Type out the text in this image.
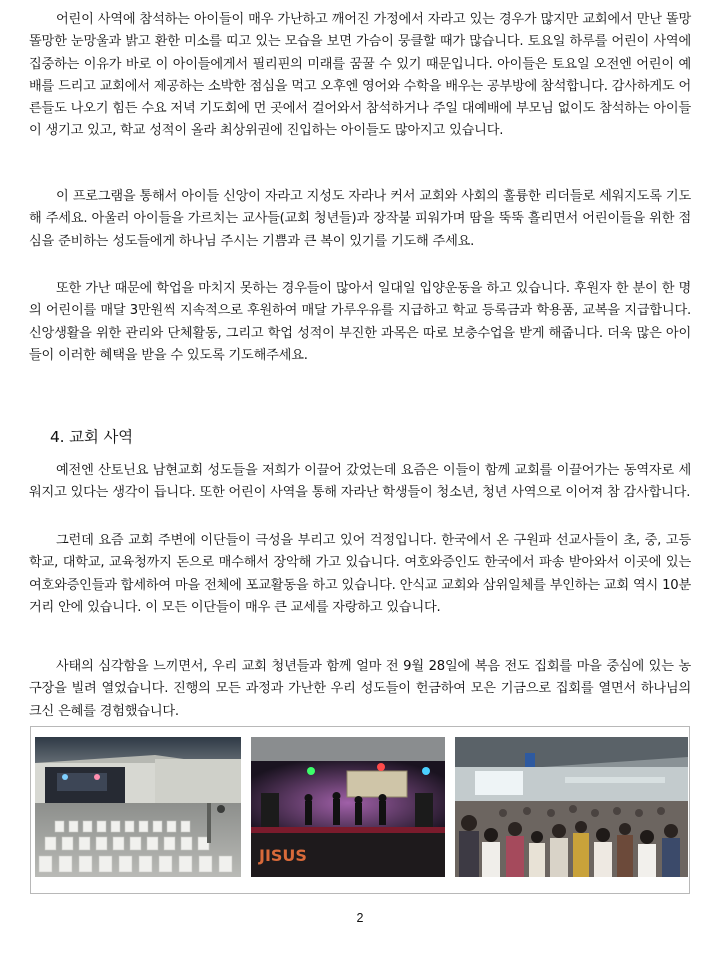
어린이 사역에 참석하는 아이들이 매우 가난하고 깨어진 가정에서 자라고 있는 경우가 많지만 교회에서 만난 똘망똘망한 눈망울과 밝고 환한 미소를 띠고 있는 모습을 보면 가슴이 뭉클할 때가 많습니다. 토요일 하루를 어린이 사역에 집중하는 이유가 바로 이 아이들에게서 필리핀의 미래를 꿈꿀 수 있기 때문입니다. 아이들은 토요일 오전엔 어린이 예배를 드리고 교회에서 제공하는 소박한 점심을 먹고 오후엔 영어와 수학을 배우는 공부방에 참석합니다. 감사하게도 어른들도 나오기 힘든 수요 저녁 기도회에 먼 곳에서 걸어와서 참석하거나 주일 대예배에 부모님 없이도 참석하는 아이들이 생기고 있고, 학교 성적이 올라 최상위권에 진입하는 아이들도 많아지고 있습니다.

이 프로그램을 통해서 아이들 신앙이 자라고 지성도 자라나 커서 교회와 사회의 훌륭한 리더들로 세워지도록 기도해 주세요. 아울러 아이들을 가르치는 교사들(교회 청년들)과 장작불 피워가며 땀을 뚝뚝 흘리면서 어린이들을 위한 점심을 준비하는 성도들에게 하나님 주시는 기쁨과 큰 복이 있기를 기도해 주세요.

또한 가난 때문에 학업을 마치지 못하는 경우들이 많아서 일대일 입양운동을 하고 있습니다. 후원자 한 분이 한 명의 어린이를 매달 3만원씩 지속적으로 후원하여 매달 가루우유를 지급하고 학교 등록금과 학용품, 교복을 지급합니다. 신앙생활을 위한 관리와 단체활동, 그리고 학업 성적이 부진한 과목은 따로 보충수업을 받게 해줍니다. 더욱 많은 아이들이 이러한 혜택을 받을 수 있도록 기도해주세요.

4. 교회 사역

예전엔 산토닌요 남현교회 성도들을 저희가 이끌어 갔었는데 요즘은 이들이 함께 교회를 이끌어가는 동역자로 세워지고 있다는 생각이 듭니다. 또한 어린이 사역을 통해 자라난 학생들이 청소년, 청년 사역으로 이어져 참 감사합니다.

그런데 요즘 교회 주변에 이단들이 극성을 부리고 있어 걱정입니다. 한국에서 온 구원파 선교사들이 초, 중, 고등학교, 대학교, 교육청까지 돈으로 매수해서 장악해 가고 있습니다. 여호와증인도 한국에서 파송 받아와서 이곳에 있는 여호와증인들과 합세하여 마을 전체에 포교활동을 하고 있습니다. 안식교 교회와 삼위일체를 부인하는 교회 역시 10분 거리 안에 있습니다. 이 모든 이단들이 매우 큰 교세를 자랑하고 있습니다.

사태의 심각함을 느끼면서, 우리 교회 청년들과 함께 얼마 전 9월 28일에 복음 전도 집회를 마을 중심에 있는 농구장을 빌려 열었습니다. 진행의 모든 과정과 가난한 우리 성도들이 헌금하여 모은 기금으로 집회를 열면서 하나님의 크신 은혜를 경험했습니다.

JISUS
2
